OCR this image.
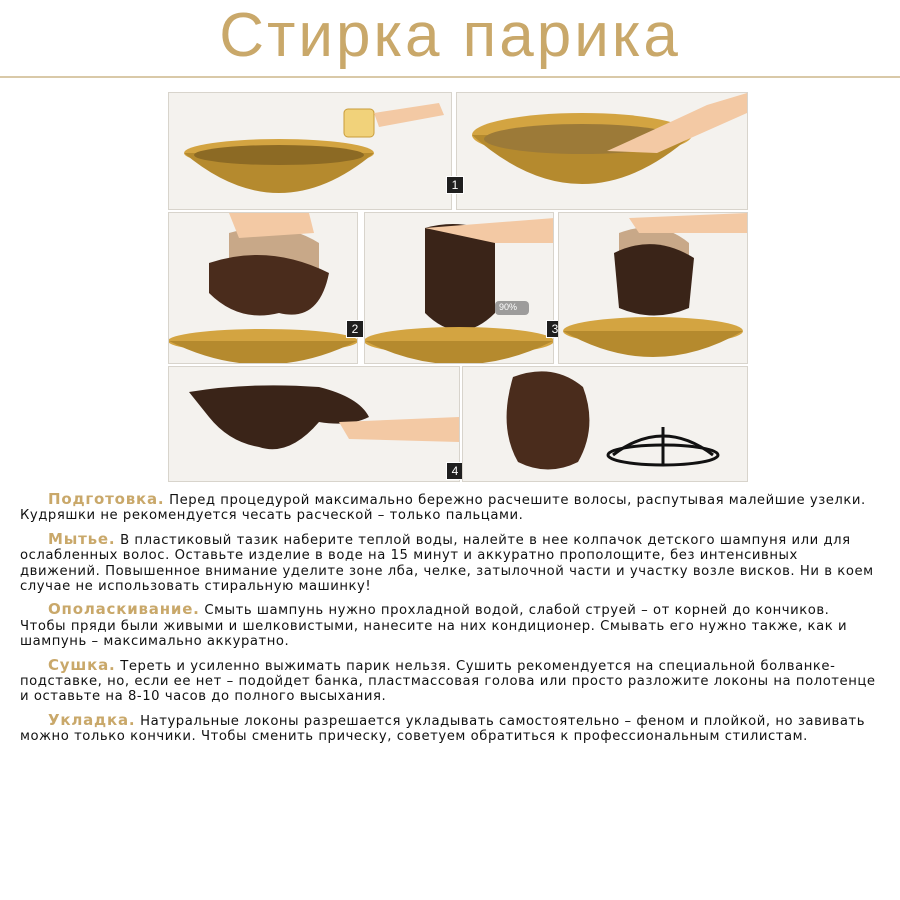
Стирка парика
1
2
90%
3
4

Подготовка. Перед процедурой максимально бережно расчешите волосы, распутывая малейшие узелки. Кудряшки не рекомендуется чесать расческой – только пальцами.

Мытье. В пластиковый тазик наберите теплой воды, налейте в нее колпачок детского шампуня или для ослабленных волос. Оставьте изделие в воде на 15 минут и аккуратно прополощите, без интенсивных движений. Повышенное внимание уделите зоне лба, челке, затылочной части и участку возле висков. Ни в коем случае не использовать стиральную машинку!

Ополаскивание. Смыть шампунь нужно прохладной водой, слабой струей – от корней до кончиков. Чтобы пряди были живыми и шелковистыми, нанесите на них кондиционер. Смывать его нужно также, как и шампунь – максимально аккуратно.

Сушка. Тереть и усиленно выжимать парик нельзя. Сушить рекомендуется на специальной болванке-подставке, но, если ее нет – подойдет банка, пластмассовая голова или просто разложите локоны на полотенце и оставьте на 8-10 часов до полного высыхания.

Укладка. Натуральные локоны разрешается укладывать самостоятельно – феном и плойкой, но завивать можно только кончики. Чтобы сменить прическу, советуем обратиться к профессиональным стилистам.
